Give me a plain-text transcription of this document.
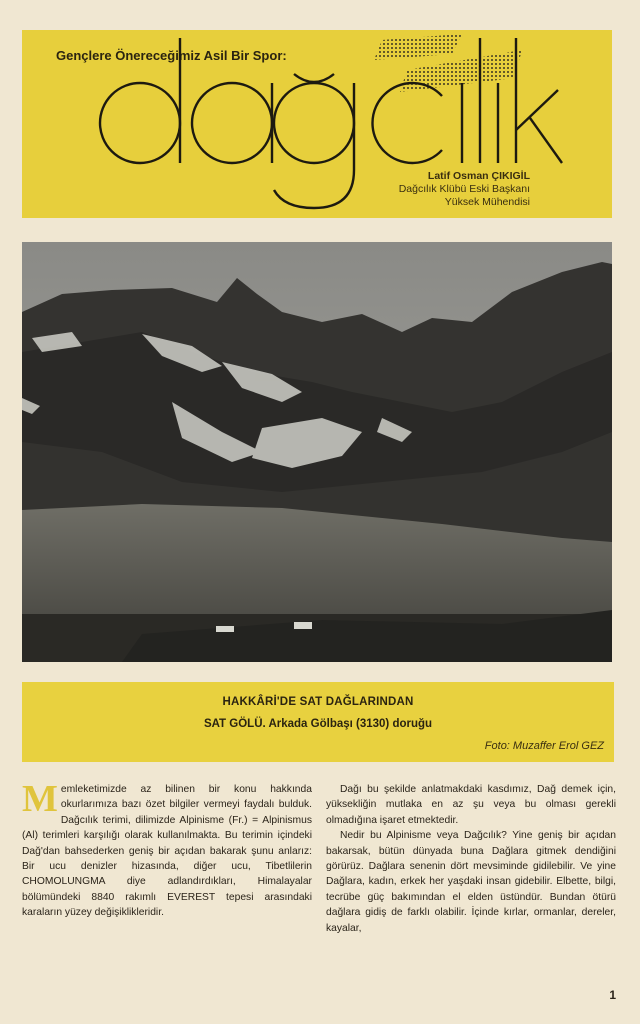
Gençlere Önereceğimiz Asil Bir Spor:
Latif Osman ÇIKIGİL
Dağcılık Klübü Eski Başkanı
Yüksek Mühendisi
HAKKÂRİ'DE SAT DAĞLARINDAN
SAT GÖLÜ. Arkada Gölbaşı (3130) doruğu
Foto: Muzaffer Erol GEZ
Memleketimizde az bilinen bir konu hakkında okurlarımıza bazı özet bilgiler vermeyi faydalı bulduk. Dağcılık terimi, dilimizde Alpinisme (Fr.) = Alpinismus (Al) terimleri karşılığı olarak kullanılmakta. Bu terimin içindeki Dağ'dan bahsederken geniş bir açıdan bakarak şunu anlarız: Bir ucu denizler hizasında, diğer ucu, Tibetlilerin CHOMOLUNGMA diye adlandırdıkları, Himalayalar bölümündeki 8840 rakımlı EVEREST tepesi arasındaki karaların yüzey değişiklikleridir.

Dağı bu şekilde anlatmakdaki kasdımız, Dağ demek için, yüksekliğin mutlaka en az şu veya bu olması gerekli olmadığına işaret etmektedir.

Nedir bu Alpinisme veya Dağcılık? Yine geniş bir açıdan bakarsak, bütün dünyada buna Dağlara gitmek dendiğini görürüz. Dağlara senenin dört mevsiminde gidilebilir. Ve yine Dağlara, kadın, erkek her yaşdaki insan gidebilir. Elbette, bilgi, tecrübe güç bakımından el elden üstündür. Bundan ötürü dağlara gidiş de farklı olabilir. İçinde kırlar, ormanlar, dereler, kayalar,

1
